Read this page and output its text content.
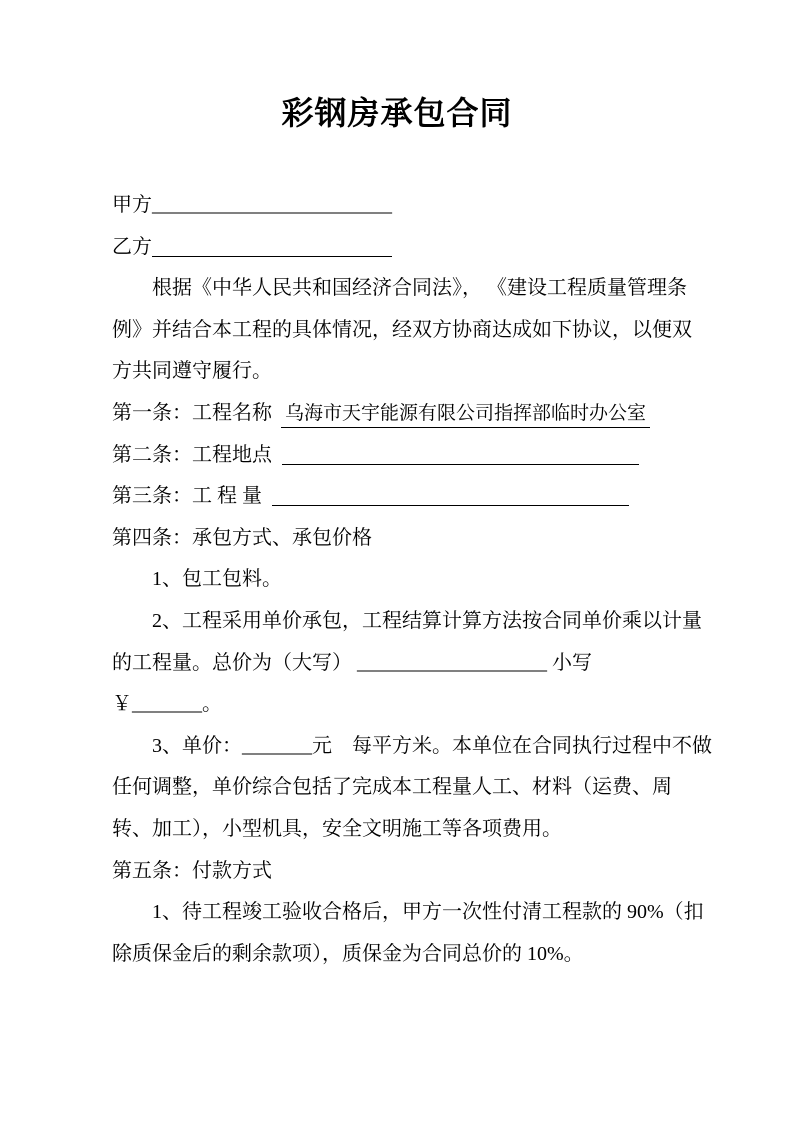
彩钢房承包合同
甲方________________________
乙方
根据《中华人民共和国经济合同法》， 《建设工程质量管理条
例》并结合本工程的具体情况，经双方协商达成如下协议，以便双
方共同遵守履行。
第一条：工程名称 乌海市天宇能源有限公司指挥部临时办公室
第二条：工程地点
第三条：工 程 量
第四条：承包方式、承包价格
1、包工包料。
2、工程采用单价承包，工程结算计算方法按合同单价乘以计量
的工程量。总价为（大写） ___________________ 小写
￥_______。
3、单价：_______元　每平方米。本单位在合同执行过程中不做
任何调整，单价综合包括了完成本工程量人工、材料（运费、周
转、加工），小型机具，安全文明施工等各项费用。
第五条：付款方式
1、待工程竣工验收合格后，甲方一次性付清工程款的 90%（扣
除质保金后的剩余款项），质保金为合同总价的 10%。
